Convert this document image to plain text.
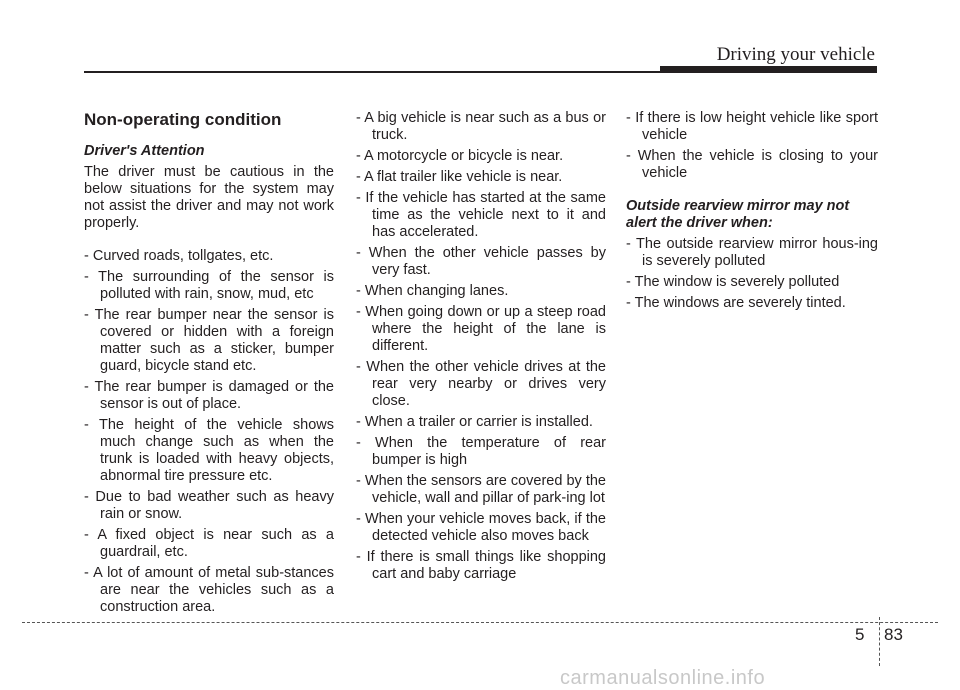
Driving your vehicle
Non-operating condition
Driver's Attention
The driver must be cautious in the below situations for the system may not assist the driver and may not work properly.
- Curved roads, tollgates, etc.
- The surrounding of the sensor is polluted with rain, snow, mud, etc
- The rear bumper near the sensor is covered or hidden with a foreign matter such as a sticker, bumper guard, bicycle stand etc.
- The rear bumper is damaged or the sensor is out of place.
- The height of the vehicle shows much change such as when the trunk is loaded with heavy objects, abnormal tire pressure etc.
- Due to bad weather such as heavy rain or snow.
- A fixed object is near such as a guardrail, etc.
- A lot of amount of metal sub-stances are near the vehicles such as a construction area.
- A big vehicle is near such as a bus or truck.
- A motorcycle or bicycle is near.
- A flat trailer like vehicle is near.
- If the vehicle has started at the same time as the vehicle next to it and has accelerated.
- When the other vehicle passes by very fast.
- When changing lanes.
- When going down or up a steep road where the height of the lane is different.
- When the other vehicle drives at the rear very nearby or drives very close.
- When a trailer or carrier is installed.
- When the temperature of rear bumper is high
- When the sensors are covered by the vehicle, wall and pillar of park-ing lot
- When your vehicle moves back, if the detected vehicle also moves back
- If there is small things like shopping cart and baby carriage
- If there is low height vehicle like sport vehicle
- When the vehicle is closing to your vehicle
Outside rearview mirror may not alert the driver when:
- The outside rearview mirror hous-ing is severely polluted
- The window is severely polluted
- The windows are severely tinted.
5 83
carmanualsonline.info
